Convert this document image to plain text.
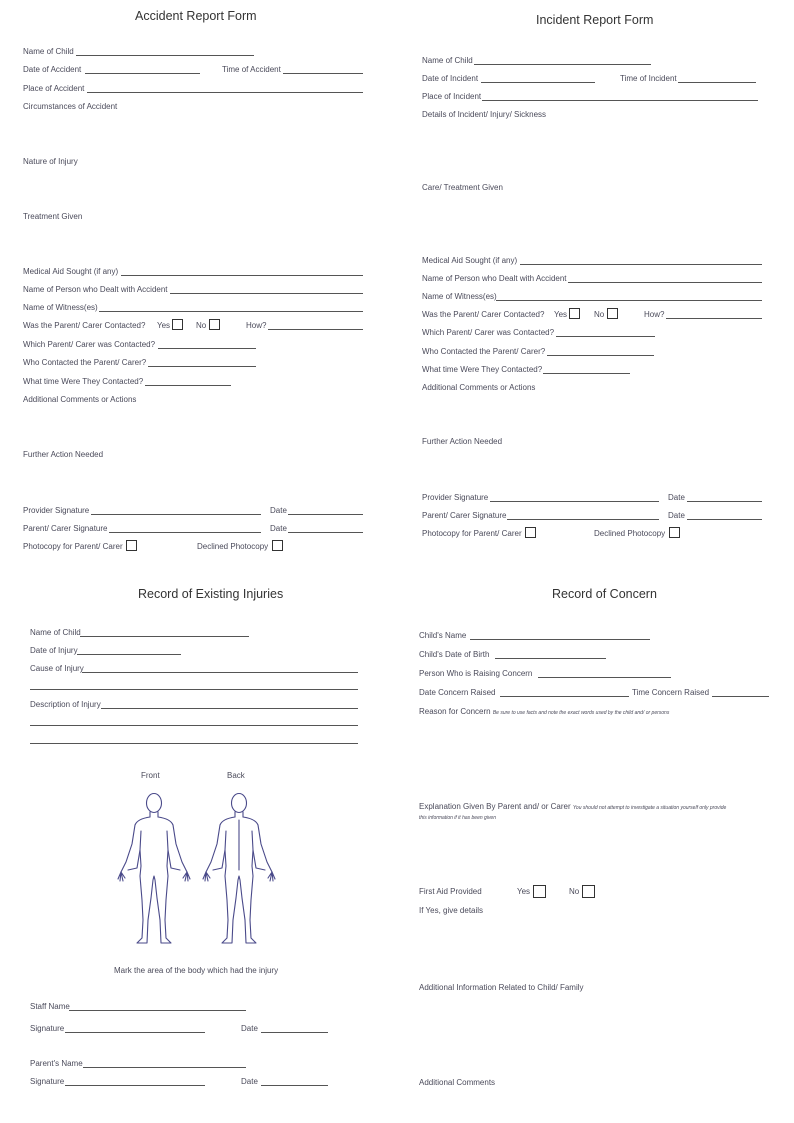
Accident Report Form
Name of Child
Date of Accident	Time of Accident
Place of Accident
Circumstances of Accident
Nature of Injury
Treatment Given
Medical Aid Sought (if any)
Name of Person who Dealt with Accident
Name of Witness(es)
Was the Parent/ Carer Contacted? Yes	No	How?
Which Parent/ Carer was Contacted?
Who Contacted the Parent/ Carer?
What time Were They Contacted?
Additional Comments or Actions
Further Action Needed
Provider Signature	Date
Parent/ Carer Signature	Date
Photocopy for Parent/ Carer	Declined Photocopy
Incident Report Form
Name of Child
Date of Incident	Time of Incident
Place of Incident
Details of Incident/ Injury/ Sickness
Care/ Treatment Given
Medical Aid Sought (if any)
Name of Person who Dealt with Accident
Name of Witness(es)
Was the Parent/ Carer Contacted? Yes	No	How?
Which Parent/ Carer was Contacted?
Who Contacted the Parent/ Carer?
What time Were They Contacted?
Additional Comments or Actions
Further Action Needed
Provider Signature	Date
Parent/ Carer Signature	Date
Photocopy for Parent/ Carer	Declined Photocopy
Record of Existing Injuries
Name of Child
Date of Injury
Cause of Injury
Description of Injury
Front	Back
Mark the area of the body which had the injury
Staff Name
Signature	Date
Parent's Name
Signature	Date
Record of Concern
Child's Name
Child's Date of Birth
Person Who is Raising Concern
Date Concern Raised	Time Concern Raised
Reason for Concern Be sure to use facts and note the exact words used by the child and/ or persons
Explanation Given By Parent and/ or Carer You should not attempt to investigate a situation yourself only provide
this information if it has been given
First Aid Provided	Yes	No
If Yes, give details
Additional Information Related to Child/ Family
Additional Comments
